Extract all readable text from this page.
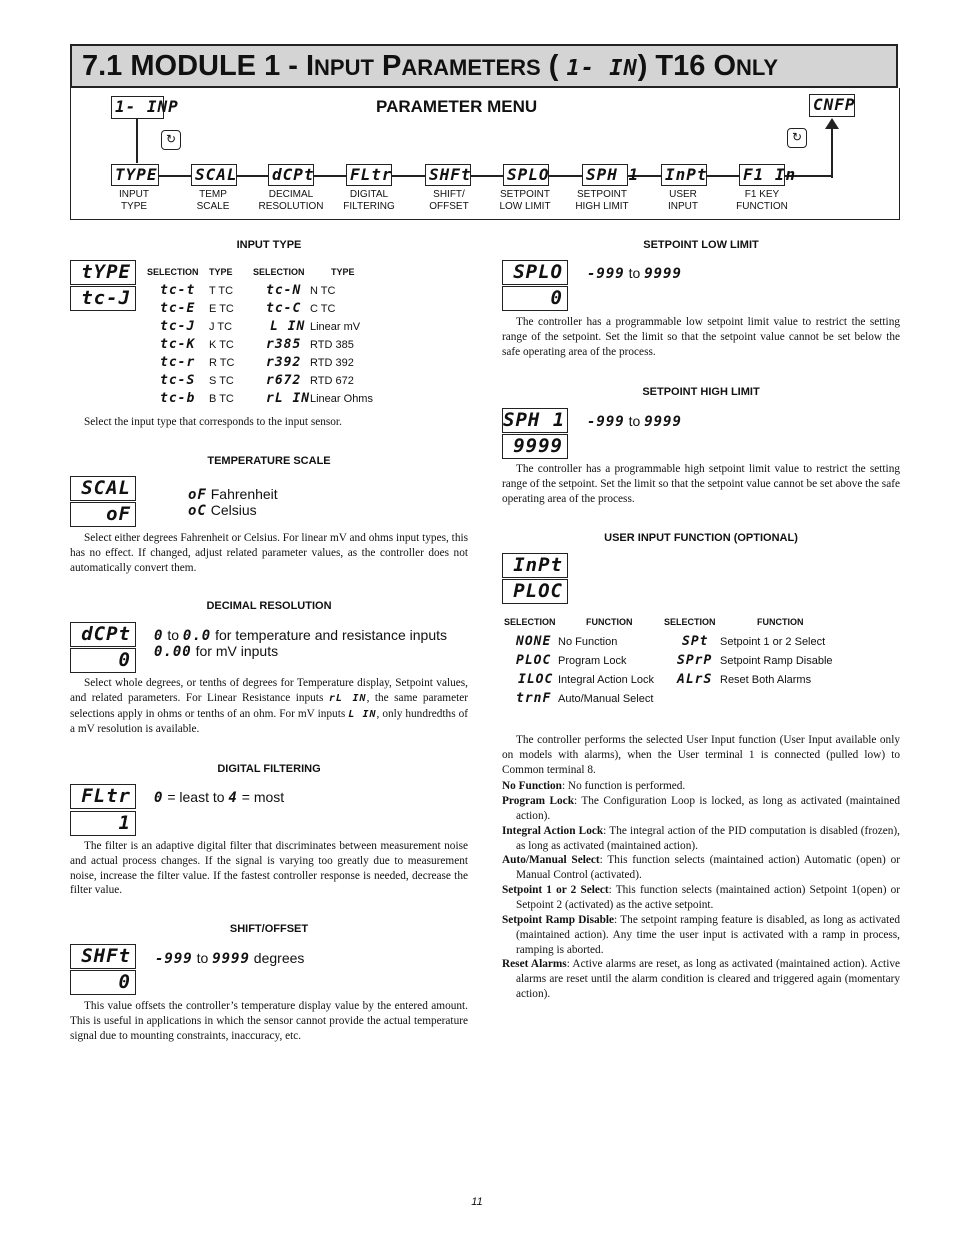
7.1 MODULE 1 - INPUT PARAMETERS ( 1- IN) T16 ONLY
1- INP
↻
PARAMETER MENU	CNFP
↻
TYPE
INPUT
TYPE
SCAL
TEMP
SCALE
dCPt
DECIMAL
RESOLUTION
FLtr
DIGITAL
FILTERING
SHFt
SHIFT/
OFFSET
SPLO
SETPOINT
LOW LIMIT
SPH 1
SETPOINT
HIGH LIMIT
InPt
USER
INPUT
F1 In
F1 KEY
FUNCTION
INPUT TYPE
tYPE
tc-J
SELECTION TYPE SELECTION	TYPE
tc-t T TC	tc-N N TC
tc-E E TC tc-C C TC
tc-J J TC	L IN Linear mV
tc-K K TC r385 RTD 385
tc-r R TC r392 RTD 392
tc-S S TC r672 RTD 672
tc-b B TC rL IN Linear Ohms
Select the input type that corresponds to the input sensor.
TEMPERATURE SCALE
SCAL
oF
oF Fahrenheit
oC Celsius
Select either degrees Fahrenheit or Celsius. For linear mV and ohms input types, this has no effect. If changed, adjust related parameter values, as the controller does not automatically convert them.
DECIMAL RESOLUTION
dCPt
0
0 to 0.0 for temperature and resistance inputs
0.00 for mV inputs
Select whole degrees, or tenths of degrees for Temperature display, Setpoint values, and related parameters. For Linear Resistance inputs rL IN, the same parameter selections apply in ohms or tenths of an ohm. For mV inputs L IN, only hundredths of a mV resolution is available.
DIGITAL FILTERING
FLtr
1
0 = least to 4 = most
The filter is an adaptive digital filter that discriminates between measurement noise and actual process changes. If the signal is varying too greatly due to measurement noise, increase the filter value. If the fastest controller response is needed, decrease the filter value.
SHIFT/OFFSET
SHFt
0
-999 to 9999 degrees
This value offsets the controller’s temperature display value by the entered amount. This is useful in applications in which the sensor cannot provide the actual temperature signal due to mounting constraints, inaccuracy, etc.
SETPOINT LOW LIMIT
SPLO
0
-999 to 9999
The controller has a programmable low setpoint limit value to restrict the setting range of the setpoint. Set the limit so that the setpoint value cannot be set below the safe operating area of the process.
SETPOINT HIGH LIMIT
SPH 1
9999
-999 to 9999
The controller has a programmable high setpoint limit value to restrict the setting range of the setpoint. Set the limit so that the setpoint value cannot be set above the safe operating area of the process.
USER INPUT FUNCTION (OPTIONAL)
InPt
PLOC
SELECTION	FUNCTION	SELECTION	FUNCTION
NONE No Function	SPt Setpoint 1 or 2 Select
PLOC Program Lock	SPrP Setpoint Ramp Disable
ILOC Integral Action Lock ALrS Reset Both Alarms
trnF Auto/Manual Select
The controller performs the selected User Input function (User Input available only on models with alarms), when the User terminal 1 is connected (pulled low) to Common terminal 8.
No Function: No function is performed.
Program Lock: The Configuration Loop is locked, as long as activated (maintained action).
Integral Action Lock: The integral action of the PID computation is disabled (frozen), as long as activated (maintained action).
Auto/Manual Select: This function selects (maintained action) Automatic (open) or Manual Control (activated).
Setpoint 1 or 2 Select: This function selects (maintained action) Setpoint 1(open) or Setpoint 2 (activated) as the active setpoint.
Setpoint Ramp Disable: The setpoint ramping feature is disabled, as long as activated (maintained action). Any time the user input is activated with a ramp in process, ramping is aborted.
Reset Alarms: Active alarms are reset, as long as activated (maintained action). Active alarms are reset until the alarm condition is cleared and triggered again (momentary action).
11
